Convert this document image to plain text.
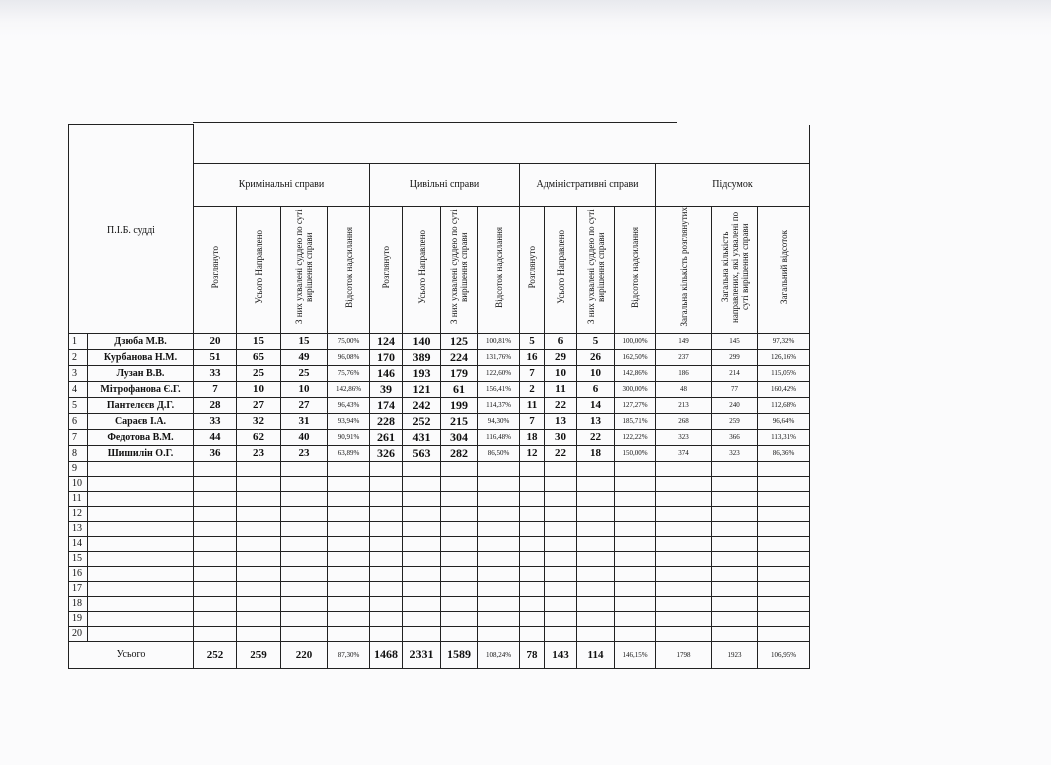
П.І.Б. судді																
		Кримінальні справи				Цивільні справи				Адміністративні справи				Підсумок		
		Розглянуто	Усього Направлено	З них ухвалені суддею по суті вирішення справи	Відсоток надсилання	Розглянуто	Усього Направлено	З них ухвалені суддею по суті вирішення справи	Відсоток надсилання	Розглянуто	Усього Направлено	З них ухвалені суддею по суті вирішення справи	Відсоток надсилання	Загальна кількість розглянутих	Загальна кількість направлених, які ухвалені по суті вирішення справи	Загальний відсоток
1	Дзюба М.В.	20	15	15	75,00%	124	140	125	100,81%	5	6	5	100,00%	149	145	97,32%
2	Курбанова Н.М.	51	65	49	96,08%	170	389	224	131,76%	16	29	26	162,50%	237	299	126,16%
3	Лузан В.В.	33	25	25	75,76%	146	193	179	122,60%	7	10	10	142,86%	186	214	115,05%
4	Мітрофанова Є.Г.	7	10	10	142,86%	39	121	61	156,41%	2	11	6	300,00%	48	77	160,42%
5	Пантелєєв Д.Г.	28	27	27	96,43%	174	242	199	114,37%	11	22	14	127,27%	213	240	112,68%
6	Сараєв І.А.	33	32	31	93,94%	228	252	215	94,30%	7	13	13	185,71%	268	259	96,64%
7	Федотова В.М.	44	62	40	90,91%	261	431	304	116,48%	18	30	22	122,22%	323	366	113,31%
8	Шишилін О.Г.	36	23	23	63,89%	326	563	282	86,50%	12	22	18	150,00%	374	323	86,36%
9																
10																
11																
12																
13																
14																
15																
16																
17																
18																
19																
20																
Усього		252	259	220	87,30%	1468	2331	1589	108,24%	78	143	114	146,15%	1798	1923	106,95%
